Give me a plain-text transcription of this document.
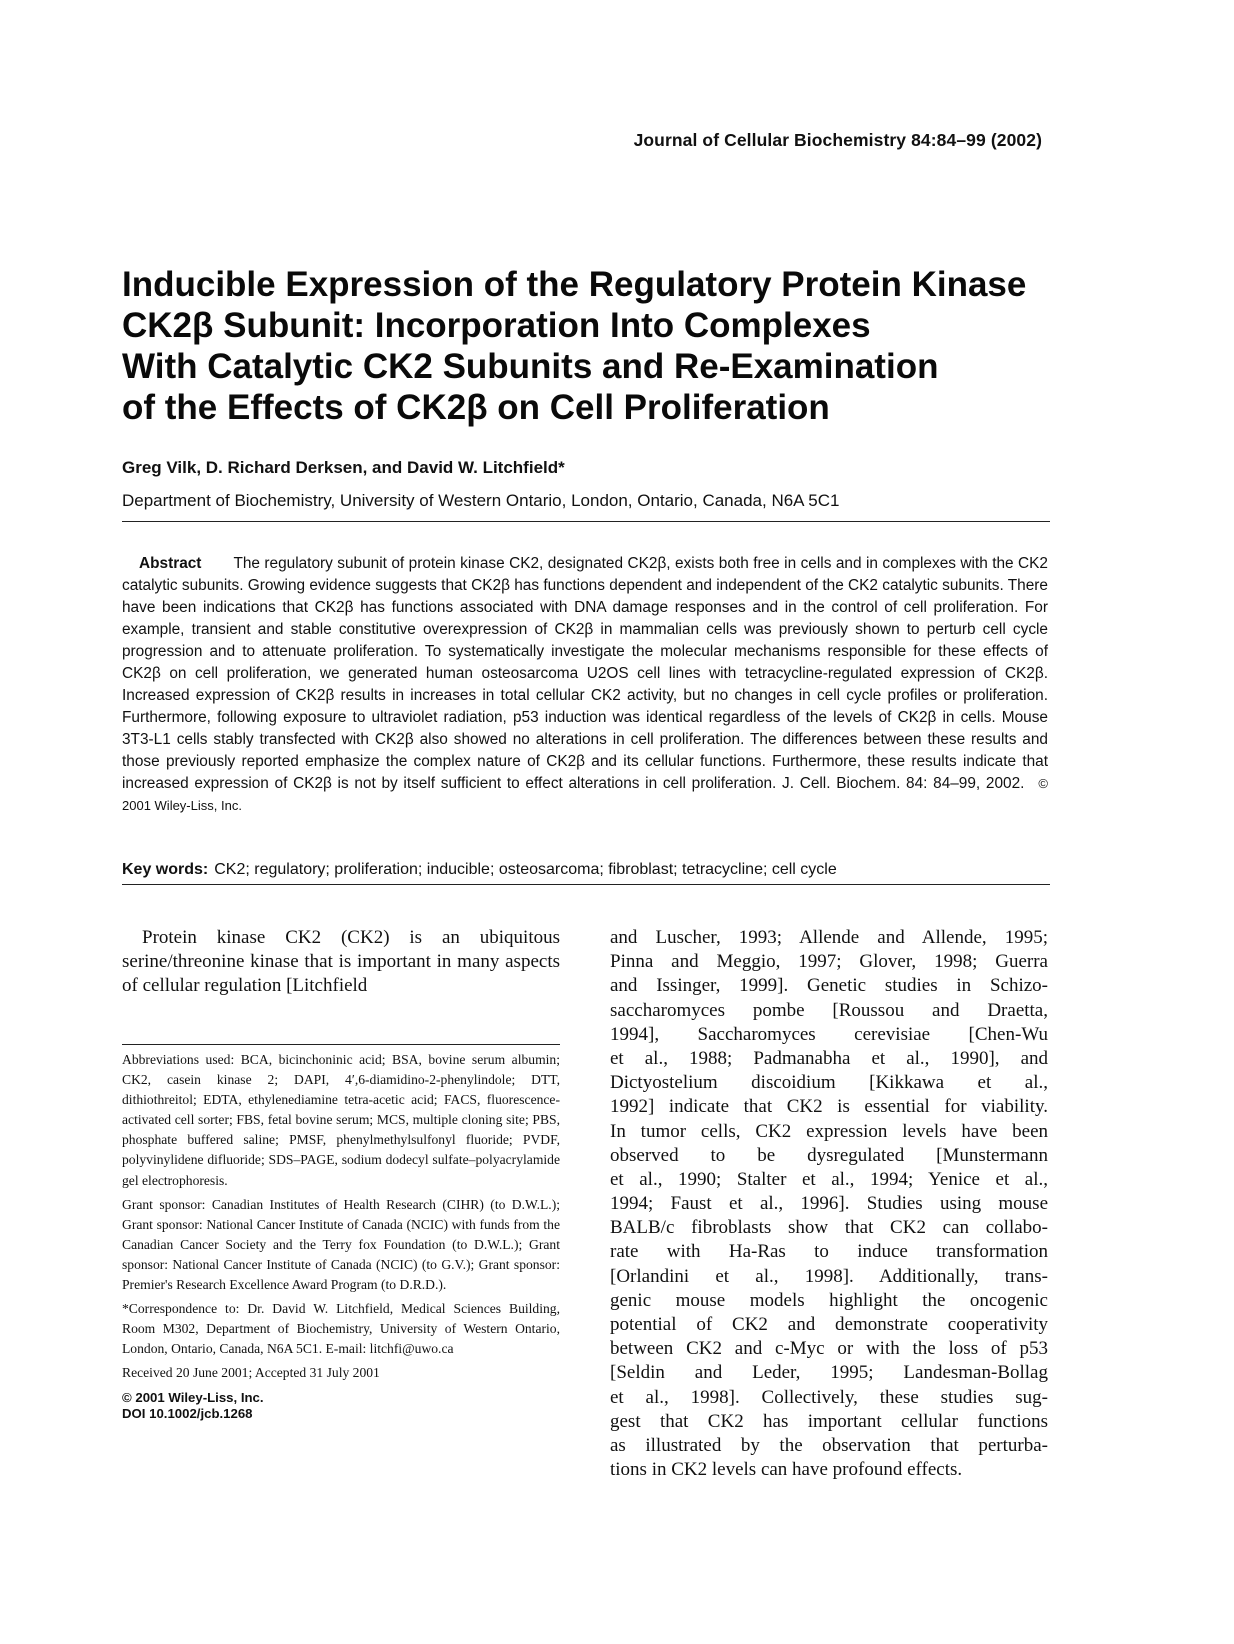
Journal of Cellular Biochemistry 84:84–99 (2002)
Inducible Expression of the Regulatory Protein Kinase
CK2β Subunit: Incorporation Into Complexes
With Catalytic CK2 Subunits and Re-Examination
of the Effects of CK2β on Cell Proliferation
Greg Vilk, D. Richard Derksen, and David W. Litchfield*
Department of Biochemistry, University of Western Ontario, London, Ontario, Canada, N6A 5C1

Abstract The regulatory subunit of protein kinase CK2, designated CK2β, exists both free in cells and in complexes with the CK2 catalytic subunits. Growing evidence suggests that CK2β has functions dependent and independent of the CK2 catalytic subunits. There have been indications that CK2β has functions associated with DNA damage responses and in the control of cell proliferation. For example, transient and stable constitutive overexpression of CK2β in mammalian cells was previously shown to perturb cell cycle progression and to attenuate proliferation. To systematically investigate the molecular mechanisms responsible for these effects of CK2β on cell proliferation, we generated human osteosarcoma U2OS cell lines with tetracycline-regulated expression of CK2β. Increased expression of CK2β results in increases in total cellular CK2 activity, but no changes in cell cycle profiles or proliferation. Furthermore, following exposure to ultraviolet radiation, p53 induction was identical regardless of the levels of CK2β in cells. Mouse 3T3-L1 cells stably transfected with CK2β also showed no alterations in cell proliferation. The differences between these results and those previously reported emphasize the complex nature of CK2β and its cellular functions. Furthermore, these results indicate that increased expression of CK2β is not by itself sufficient to effect alterations in cell proliferation. J. Cell. Biochem. 84: 84–99, 2002. © 2001 Wiley-Liss, Inc.

Key words: CK2; regulatory; proliferation; inducible; osteosarcoma; fibroblast; tetracycline; cell cycle

Protein kinase CK2 (CK2) is an ubiquitous serine/threonine kinase that is important in many aspects of cellular regulation [Litchfield

Abbreviations used: BCA, bicinchoninic acid; BSA, bovine serum albumin; CK2, casein kinase 2; DAPI, 4′,6-diamidino-2-phenylindole; DTT, dithiothreitol; EDTA, ethylenediamine tetra-acetic acid; FACS, fluorescence-activated cell sorter; FBS, fetal bovine serum; MCS, multiple cloning site; PBS, phosphate buffered saline; PMSF, phenylmethylsulfonyl fluoride; PVDF, polyvinylidene difluoride; SDS–PAGE, sodium dodecyl sulfate–polyacrylamide gel electrophoresis.

Grant sponsor: Canadian Institutes of Health Research (CIHR) (to D.W.L.); Grant sponsor: National Cancer Institute of Canada (NCIC) with funds from the Canadian Cancer Society and the Terry fox Foundation (to D.W.L.); Grant sponsor: National Cancer Institute of Canada (NCIC) (to G.V.); Grant sponsor: Premier's Research Excellence Award Program (to D.R.D.).

*Correspondence to: Dr. David W. Litchfield, Medical Sciences Building, Room M302, Department of Biochemistry, University of Western Ontario, London, Ontario, Canada, N6A 5C1. E-mail: litchfi@uwo.ca

Received 20 June 2001; Accepted 31 July 2001

© 2001 Wiley-Liss, Inc.
DOI 10.1002/jcb.1268
and Luscher, 1993; Allende and Allende, 1995;
Pinna and Meggio, 1997; Glover, 1998; Guerra
and Issinger, 1999]. Genetic studies in Schizo-
saccharomyces pombe [Roussou and Draetta,
1994], Saccharomyces cerevisiae [Chen-Wu
et al., 1988; Padmanabha et al., 1990], and
Dictyostelium discoidium [Kikkawa et al.,
1992] indicate that CK2 is essential for viability.
In tumor cells, CK2 expression levels have been
observed to be dysregulated [Munstermann
et al., 1990; Stalter et al., 1994; Yenice et al.,
1994; Faust et al., 1996]. Studies using mouse
BALB/c fibroblasts show that CK2 can collabo-
rate with Ha-Ras to induce transformation
[Orlandini et al., 1998]. Additionally, trans-
genic mouse models highlight the oncogenic
potential of CK2 and demonstrate cooperativity
between CK2 and c-Myc or with the loss of p53
[Seldin and Leder, 1995; Landesman-Bollag
et al., 1998]. Collectively, these studies sug-
gest that CK2 has important cellular functions
as illustrated by the observation that perturba-
tions in CK2 levels can have profound effects.
